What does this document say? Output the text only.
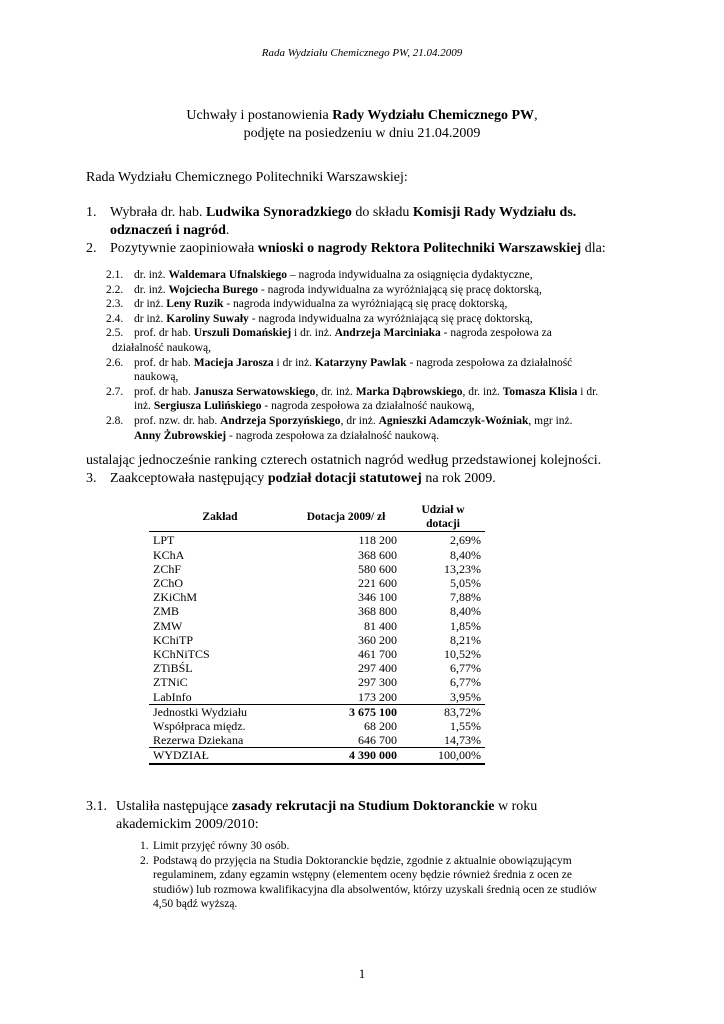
Rada Wydziału Chemicznego PW, 21.04.2009
Uchwały i postanowienia Rady Wydziału Chemicznego PW,
podjęte na posiedzeniu w dniu 21.04.2009
Rada Wydziału Chemicznego Politechniki Warszawskiej:
1. Wybrała dr. hab. Ludwika Synoradzkiego do składu Komisji Rady Wydziału ds.
odznaczeń i nagród.
2. Pozytywnie zaopiniowała wnioski o nagrody Rektora Politechniki Warszawskiej dla:
2.1. dr. inż. Waldemara Ufnalskiego – nagroda indywidualna za osiągnięcia dydaktyczne,
2.2. dr. inż. Wojciecha Burego - nagroda indywidualna za wyróżniającą się pracę doktorską,
2.3. dr inż. Leny Ruzik - nagroda indywidualna za wyróżniającą się pracę doktorską,
2.4. dr inż. Karoliny Suwały - nagroda indywidualna za wyróżniającą się pracę doktorską,
2.5. prof. dr hab. Urszuli Domańskiej i dr. inż. Andrzeja Marciniaka - nagroda zespołowa za
działalność naukową,
2.6. prof. dr hab. Macieja Jarosza i dr inż. Katarzyny Pawlak - nagroda zespołowa za działalność
naukową,
2.7. prof. dr hab. Janusza Serwatowskiego, dr. inż. Marka Dąbrowskiego, dr. inż. Tomasza Klisia i dr.
inż. Sergiusza Lulińskiego - nagroda zespołowa za działalność naukową,
2.8. prof. nzw. dr. hab. Andrzeja Sporzyńskiego, dr inż. Agnieszki Adamczyk-Woźniak, mgr inż.
Anny Żubrowskiej - nagroda zespołowa za działalność naukową.
ustalając jednocześnie ranking czterech ostatnich nagród według przedstawionej kolejności.
3. Zaakceptowała następujący podział dotacji statutowej na rok 2009.
Zakład	Dotacja 2009/ zł	Udział w dotacji
LPT	118 200	2,69%
KChA	368 600	8,40%
ZChF	580 600	13,23%
ZChO	221 600	5,05%
ZKiChM	346 100	7,88%
ZMB	368 800	8,40%
ZMW	81 400	1,85%
KChiTP	360 200	8,21%
KChNiTCS	461 700	10,52%
ZTiBŚL	297 400	6,77%
ZTNiC	297 300	6,77%
LabInfo	173 200	3,95%
Jednostki Wydziału	3 675 100	83,72%
Współpraca międz.	68 200	1,55%
Rezerwa Dziekana	646 700	14,73%
WYDZIAŁ	4 390 000	100,00%
3.1. Ustaliła następujące zasady rekrutacji na Studium Doktoranckie w roku
akademickim 2009/2010:
1. Limit przyjęć równy 30 osób.
2. Podstawą do przyjęcia na Studia Doktoranckie będzie, zgodnie z aktualnie obowiązującym
regulaminem, zdany egzamin wstępny (elementem oceny będzie również średnia z ocen ze
studiów) lub rozmowa kwalifikacyjna dla absolwentów, którzy uzyskali średnią ocen ze studiów
4,50 bądź wyższą.
1
